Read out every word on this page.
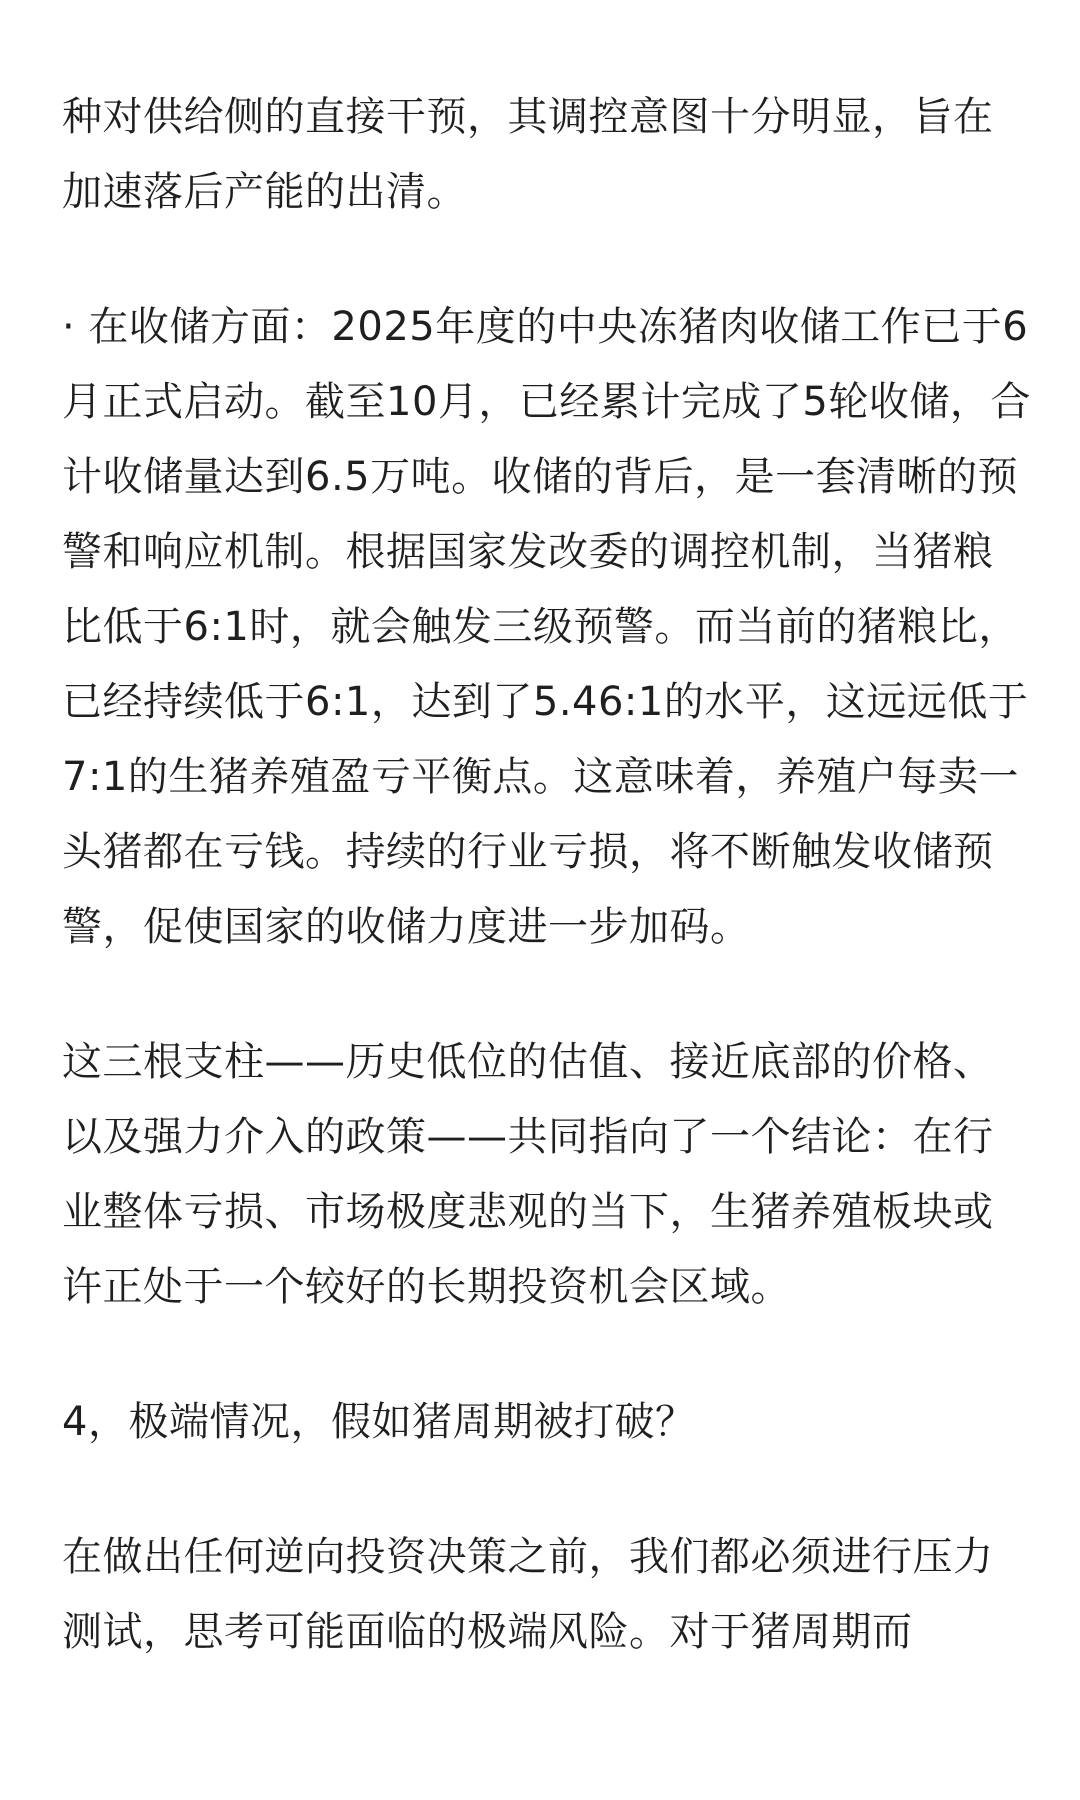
种对供给侧的直接干预，其调控意图十分明显，旨在加速落后产能的出清。

· 在收储方面：2025年度的中央冻猪肉收储工作已于6月正式启动。截至10月，已经累计完成了5轮收储，合计收储量达到6.5万吨。收储的背后，是一套清晰的预警和响应机制。根据国家发改委的调控机制，当猪粮比低于6:1时，就会触发三级预警。而当前的猪粮比，已经持续低于6:1，达到了5.46:1的水平，这远远低于7:1的生猪养殖盈亏平衡点。这意味着，养殖户每卖一头猪都在亏钱。持续的行业亏损，将不断触发收储预警，促使国家的收储力度进一步加码。

这三根支柱——历史低位的估值、接近底部的价格、以及强力介入的政策——共同指向了一个结论：在行业整体亏损、市场极度悲观的当下，生猪养殖板块或许正处于一个较好的长期投资机会区域。

4，极端情况，假如猪周期被打破？

在做出任何逆向投资决策之前，我们都必须进行压力测试，思考可能面临的极端风险。对于猪周期而
